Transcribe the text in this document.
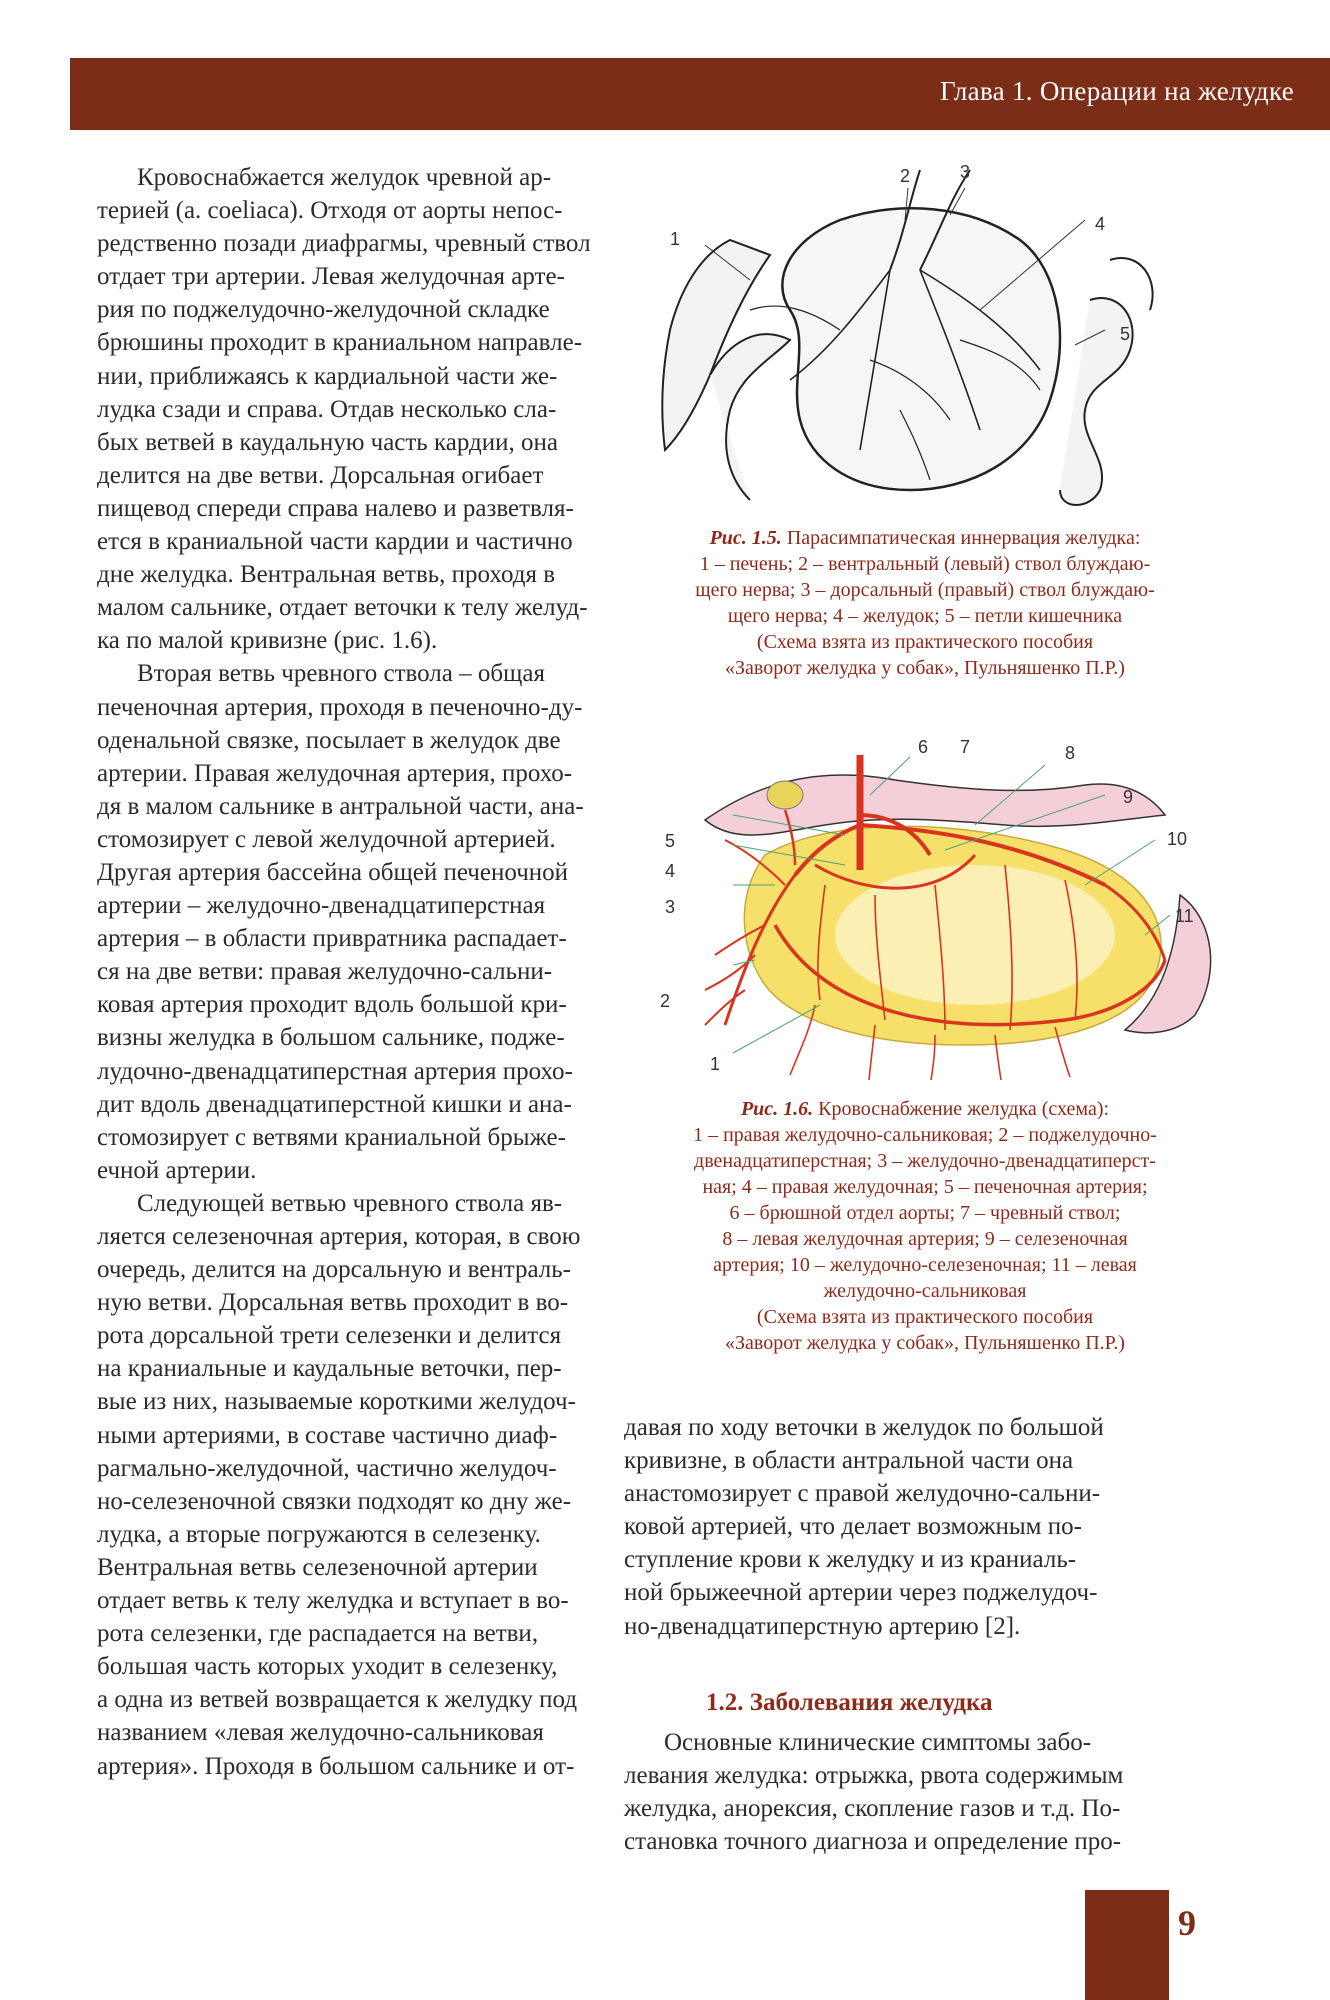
Глава 1. Операции на желудке

Кровоснабжается желудок чревной ар-

терией (a. coeliaca). Отходя от аорты непос-

редственно позади диафрагмы, чревный ствол

отдает три артерии. Левая желудочная арте-

рия по поджелудочно-желудочной складке

брюшины проходит в краниальном направле-

нии, приближаясь к кардиальной части же-

лудка сзади и справа. Отдав несколько сла-

бых ветвей в каудальную часть кардии, она

делится на две ветви. Дорсальная огибает

пищевод спереди справа налево и разветвля-

ется в краниальной части кардии и частично

дне желудка. Вентральная ветвь, проходя в

малом сальнике, отдает веточки к телу желуд-

ка по малой кривизне (рис. 1.6).

Вторая ветвь чревного ствола – общая

печеночная артерия, проходя в печеночно-ду-

оденальной связке, посылает в желудок две

артерии. Правая желудочная артерия, прохо-

дя в малом сальнике в антральной части, ана-

стомозирует с левой желудочной артерией.

Другая артерия бассейна общей печеночной

артерии – желудочно-двенадцатиперстная

артерия – в области привратника распадает-

ся на две ветви: правая желудочно-сальни-

ковая артерия проходит вдоль большой кри-

визны желудка в большом сальнике, подже-

лудочно-двенадцатиперстная артерия прохо-

дит вдоль двенадцатиперстной кишки и ана-

стомозирует с ветвями краниальной брыже-

ечной артерии.

Следующей ветвью чревного ствола яв-

ляется селезеночная артерия, которая, в свою

очередь, делится на дорсальную и вентраль-

ную ветви. Дорсальная ветвь проходит в во-

рота дорсальной трети селезенки и делится

на краниальные и каудальные веточки, пер-

вые из них, называемые короткими желудоч-

ными артериями, в составе частично диаф-

рагмально-желудочной, частично желудоч-

но-селезеночной связки подходят ко дну же-

лудка, а вторые погружаются в селезенку.

Вентральная ветвь селезеночной артерии

отдает ветвь к телу желудка и вступает в во-

рота селезенки, где распадается на ветви,

большая часть которых уходит в селезенку,

а одна из ветвей возвращается к желудку под

названием «левая желудочно-сальниковая

артерия». Проходя в большом сальнике и от-

1
2	3
4
5
Рис. 1.5. Парасимпатическая иннервация желудка:
1 – печень; 2 – вентральный (левый) ствол блуждаю-
щего нерва; 3 – дорсальный (правый) ствол блуждаю-
щего нерва; 4 – желудок; 5 – петли кишечника
(Схема взята из практического пособия
«Заворот желудка у собак», Пульняшенко П.Р.)
6 7	8
9
5	10
4
3	11
2
1
Рис. 1.6. Кровоснабжение желудка (схема):
1 – правая желудочно-сальниковая; 2 – поджелудочно-
двенадцатиперстная; 3 – желудочно-двенадцатиперст-
ная; 4 – правая желудочная; 5 – печеночная артерия;
6 – брюшной отдел аорты; 7 – чревный ствол;
8 – левая желудочная артерия; 9 – селезеночная
артерия; 10 – желудочно-селезеночная; 11 – левая
желудочно-сальниковая
(Схема взята из практического пособия
«Заворот желудка у собак», Пульняшенко П.Р.)

давая по ходу веточки в желудок по большой

кривизне, в области антральной части она

анастомозирует с правой желудочно-сальни-

ковой артерией, что делает возможным по-

ступление крови к желудку и из краниаль-

ной брыжеечной артерии через поджелудоч-

но-двенадцатиперстную артерию [2].

1.2. Заболевания желудка

Основные клинические симптомы забо-

левания желудка: отрыжка, рвота содержимым

желудка, анорексия, скопление газов и т.д. По-

становка точного диагноза и определение про-

9
